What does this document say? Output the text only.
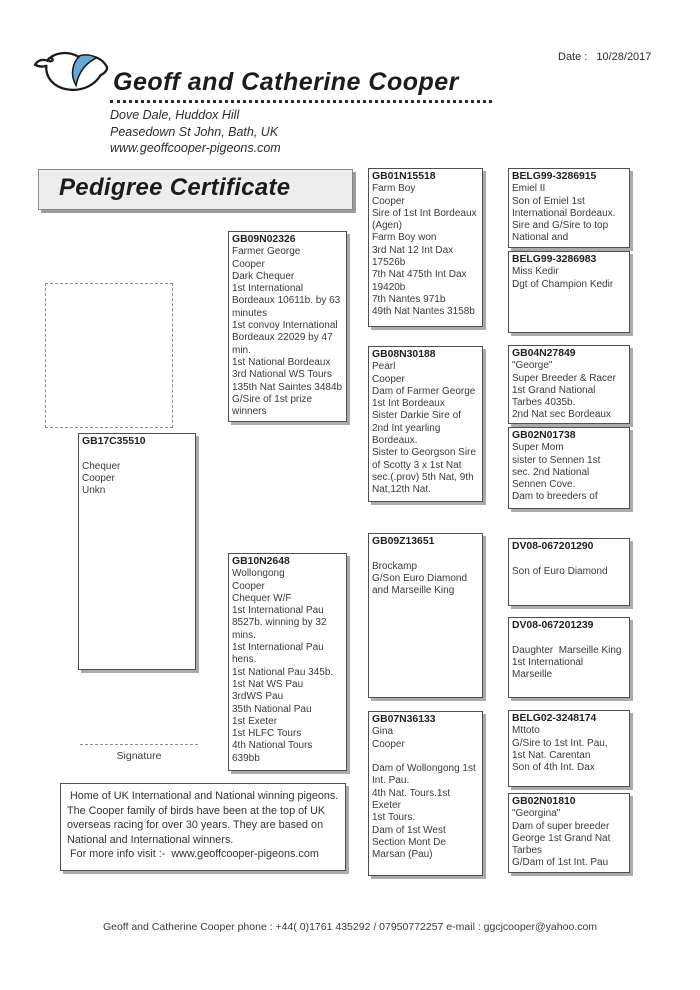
Geoff and Catherine Cooper
Dove Dale, Huddox Hill
Peasedown St John, Bath, UK
www.geoffcooper-pigeons.com
Date : 10/28/2017
Pedigree Certificate
GB17C35510

Chequer
Cooper
Unkn
GB09N02326
Farmer George
Cooper
Dark Chequer
1st International
Bordeaux 10611b. by 63
minutes
1st convoy International
Bordeaux 22029 by 47
min.
1st National Bordeaux
3rd National WS Tours
135th Nat Saintes 3484b
G/Sire of 1st prize
winners
GB10N2648
Wollongong
Cooper
Chequer W/F
1st International Pau
8527b. winning by 32
mins.
1st International Pau
hens.
1st National Pau 345b.
1st Nat WS Pau
3rdWS Pau
35th National Pau
1st Exeter
1st HLFC Tours
4th National Tours
639bb
GB01N15518
Farm Boy
Cooper
Sire of 1st Int Bordeaux
(Agen)
Farm Boy won
3rd Nat 12 Int Dax
17526b
7th Nat 475th Int Dax
19420b
7th Nantes 971b
49th Nat Nantes 3158b
GB08N30188
Pearl
Cooper
Dam of Farmer George
1st Int Bordeaux
Sister Darkie Sire of
2nd Int yearling
Bordeaux.
Sister to Georgson Sire
of Scotty 3 x 1st Nat
sec.(.prov) 5th Nat, 9th
Nat,12th Nat.
GB09Z13651

Brockamp
G/Son Euro Diamond
and Marseille King
GB07N36133
Gina
Cooper

Dam of Wollongong 1st
Int. Pau.
4th Nat. Tours.1st
Exeter
1st Tours.
Dam of 1st West
Section Mont De
Marsan (Pau)
BELG99-3286915
Emiel II
Son of Emiel 1st
International Bordeaux.
Sire and G/Sire to top
National and
BELG99-3286983
Miss Kedir
Dgt of Champion Kedir
GB04N27849
"George"
Super Breeder & Racer
1st Grand National
Tarbes 4035b.
2nd Nat sec Bordeaux
GB02N01738
Super Mom
sister to Sennen 1st
sec. 2nd National
Sennen Cove.
Dam to breeders of
DV08-067201290

Son of Euro Diamond
DV08-067201239

Daughter  Marseille King
1st International
Marseille
BELG02-3248174
Mttoto
G/Sire to 1st Int. Pau,
1st Nat. Carentan
Son of 4th Int. Dax
GB02N01810
"Georgina"
Dam of super breeder
George 1st Grand Nat
Tarbes
G/Dam of 1st Int. Pau
Signature
Home of UK International and National winning pigeons.
The Cooper family of birds have been at the top of UK
overseas racing for over 30 years. They are based on
National and International winners.
For more info visit :-  www.geoffcooper-pigeons.com
Geoff and Catherine Cooper phone : +44( 0)1761 435292 / 07950772257 e-mail : ggcjcooper@yahoo.com
